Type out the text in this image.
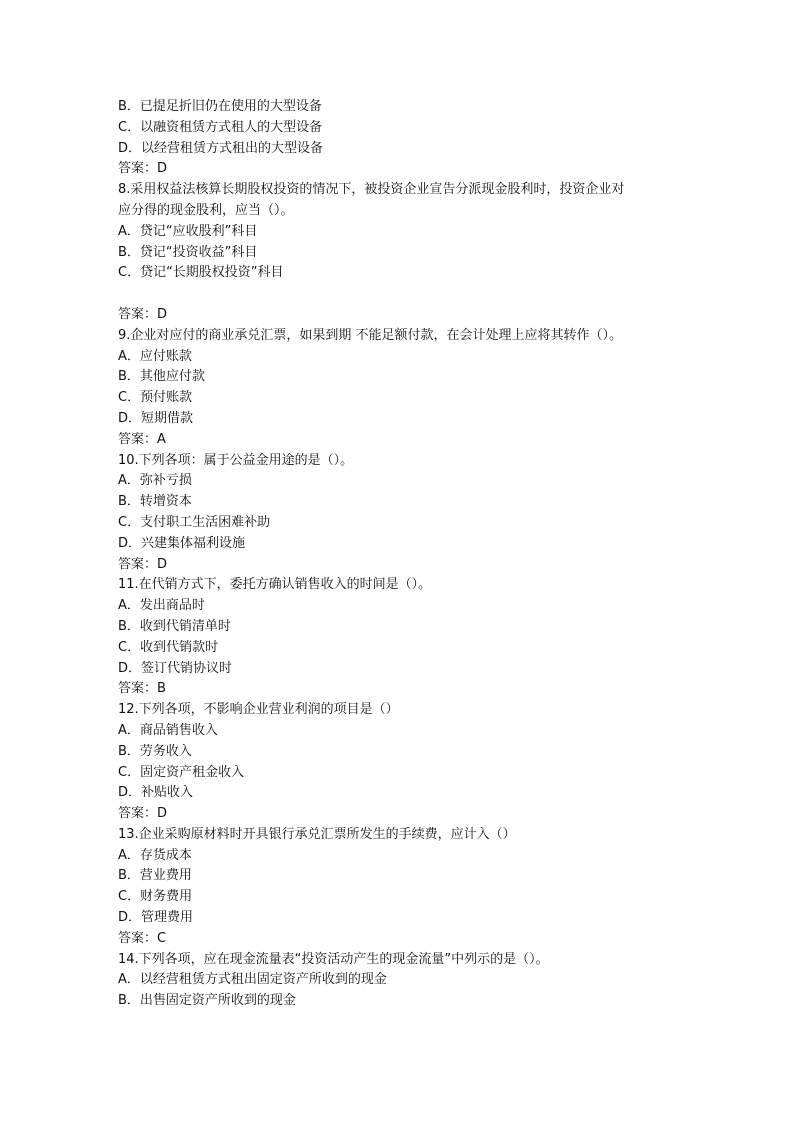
B．已提足折旧仍在使用的大型设备
C．以融资租赁方式租人的大型设备
D．以经营租赁方式租出的大型设备
答案：D
8.采用权益法核算长期股权投资的情况下，被投资企业宣告分派现金股利时，投资企业对
应分得的现金股利，应当（）。
A．贷记“应收股利”科目
B．贷记“投资收益”科目
C．贷记“长期股权投资”科目
答案：D
9.企业对应付的商业承兑汇票，如果到期 不能足额付款，在会计处理上应将其转作（）。
A．应付账款
B．其他应付款
C．预付账款
D．短期借款
答案：A
10.下列各项：属于公益金用途的是（）。
A．弥补亏损
B．转增资本
C．支付职工生活困难补助
D．兴建集体福利设施
答案：D
11.在代销方式下，委托方确认销售收入的时间是（）。
A．发出商品时
B．收到代销清单时
C．收到代销款时
D．签订代销协议时
答案：B
12.下列各项，不影响企业营业利润的项目是（）
A．商品销售收入
B．劳务收入
C．固定资产租金收入
D．补贴收入
答案：D
13.企业采购原材料时开具银行承兑汇票所发生的手续费，应计入（）
A．存货成本
B．营业费用
C．财务费用
D．管理费用
答案：C
14.下列各项，应在现金流量表“投资活动产生的现金流量”中列示的是（）。
A．以经营租赁方式租出固定资产所收到的现金
B．出售固定资产所收到的现金
